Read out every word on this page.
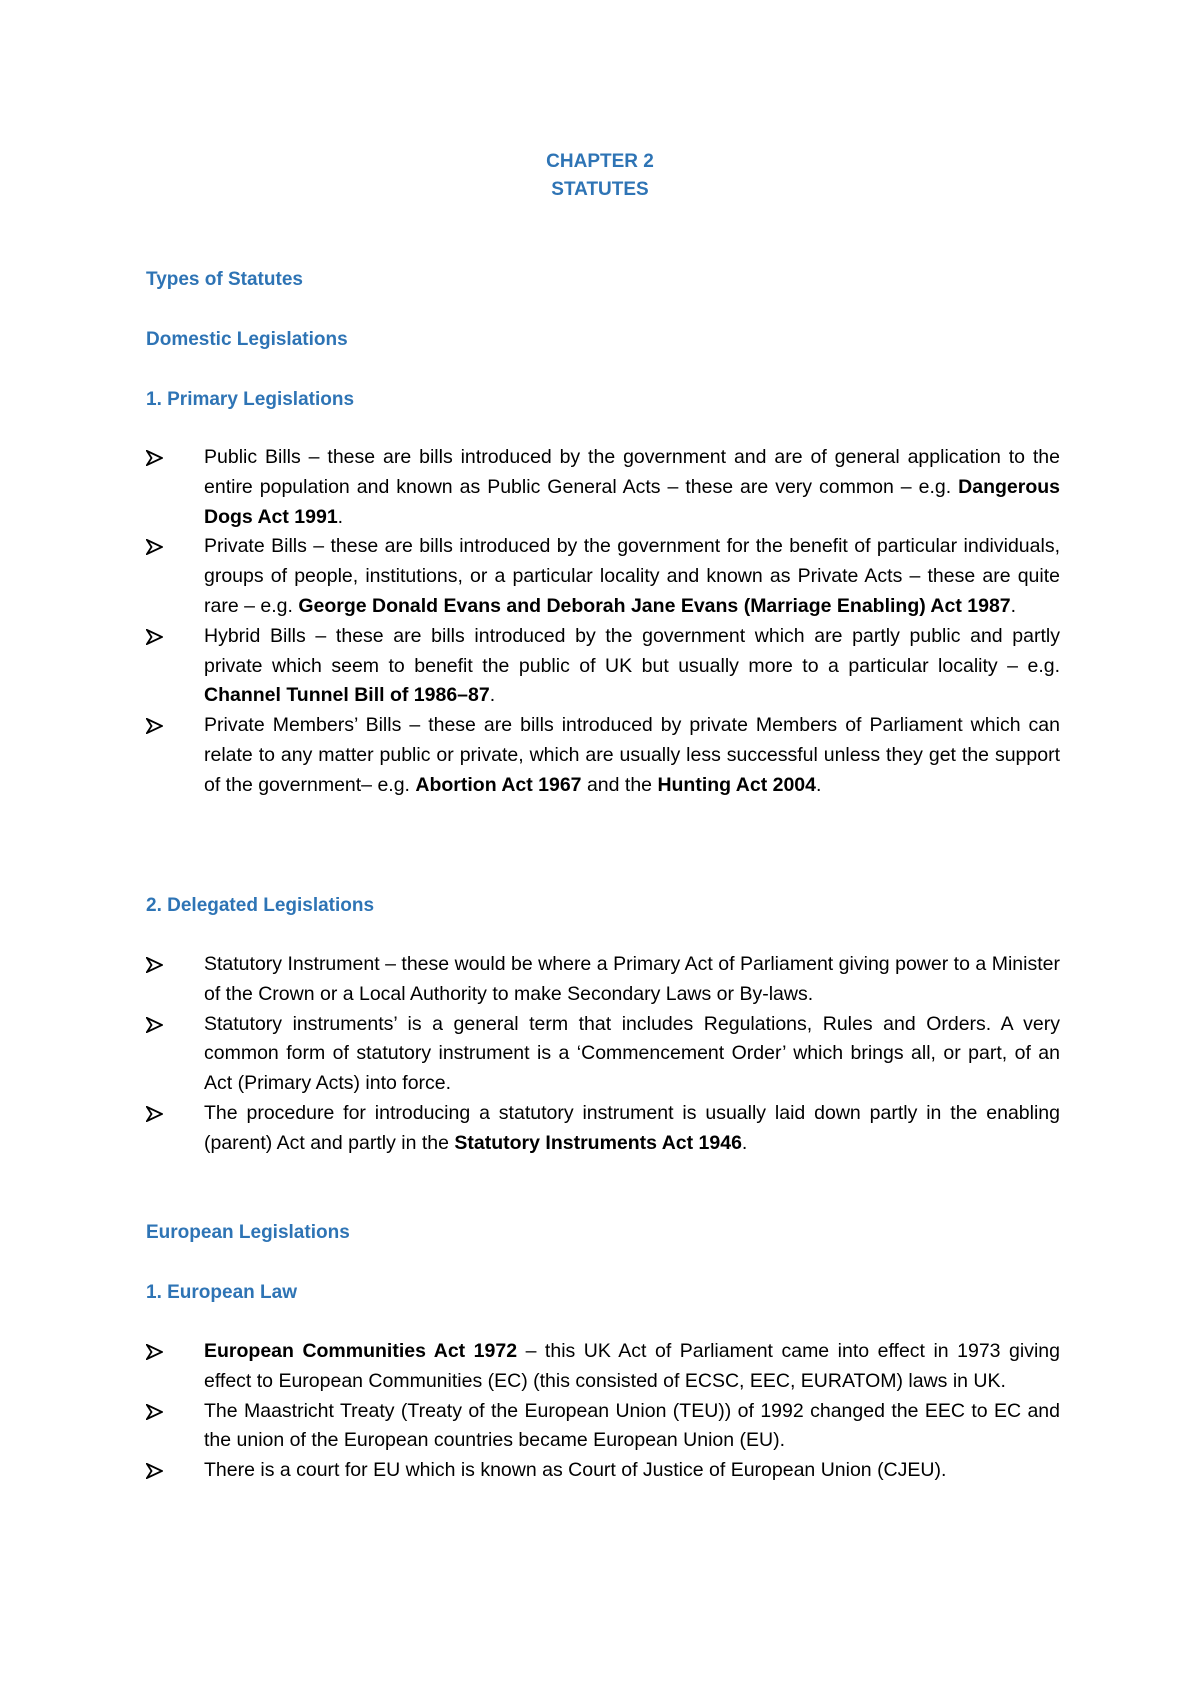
CHAPTER 2
STATUTES
Types of Statutes
Domestic Legislations
1. Primary Legislations
Public Bills – these are bills introduced by the government and are of general application to the entire population and known as Public General Acts – these are very common – e.g. Dangerous Dogs Act 1991.
Private Bills – these are bills introduced by the government for the benefit of particular individuals, groups of people, institutions, or a particular locality and known as Private Acts – these are quite rare – e.g. George Donald Evans and Deborah Jane Evans (Marriage Enabling) Act 1987.
Hybrid Bills – these are bills introduced by the government which are partly public and partly private which seem to benefit the public of UK but usually more to a particular locality – e.g. Channel Tunnel Bill of 1986–87.
Private Members’ Bills – these are bills introduced by private Members of Parliament which can relate to any matter public or private, which are usually less successful unless they get the support of the government– e.g. Abortion Act 1967 and the Hunting Act 2004.
2. Delegated Legislations
Statutory Instrument – these would be where a Primary Act of Parliament giving power to a Minister of the Crown or a Local Authority to make Secondary Laws or By-laws.
Statutory instruments’ is a general term that includes Regulations, Rules and Orders. A very common form of statutory instrument is a ‘Commencement Order’ which brings all, or part, of an Act (Primary Acts) into force.
The procedure for introducing a statutory instrument is usually laid down partly in the enabling (parent) Act and partly in the Statutory Instruments Act 1946.
European Legislations
1. European Law
European Communities Act 1972 – this UK Act of Parliament came into effect in 1973 giving effect to European Communities (EC) (this consisted of ECSC, EEC, EURATOM) laws in UK.
The Maastricht Treaty (Treaty of the European Union (TEU)) of 1992 changed the EEC to EC and the union of the European countries became European Union (EU).
There is a court for EU which is known as Court of Justice of European Union (CJEU).
